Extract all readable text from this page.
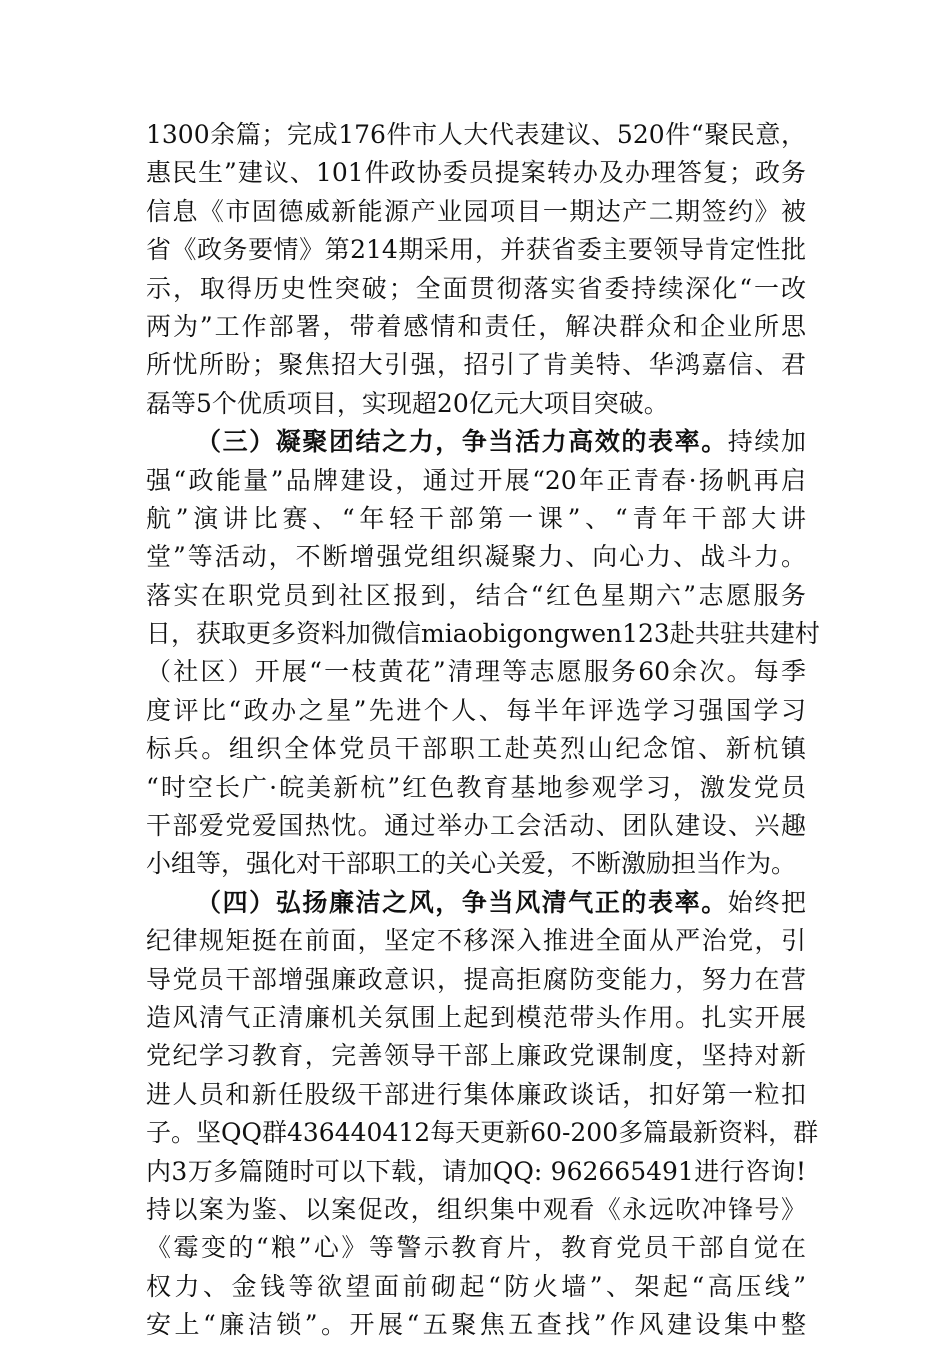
1300余篇；完成176件市人大代表建议、520件“聚民意，
惠民生”建议、101件政协委员提案转办及办理答复；政务
信息《市固德威新能源产业园项目一期达产二期签约》被
省《政务要情》第214期采用，并获省委主要领导肯定性批
示，取得历史性突破；全面贯彻落实省委持续深化“一改
两为”工作部署，带着感情和责任，解决群众和企业所思
所忧所盼；聚焦招大引强，招引了肯美特、华鸿嘉信、君
磊等5个优质项目，实现超20亿元大项目突破。
（三）凝聚团结之力，争当活力高效的表率。持续加
强“政能量”品牌建设，通过开展“20年正青春·扬帆再启
航”演讲比赛、“年轻干部第一课”、“青年干部大讲
堂”等活动，不断增强党组织凝聚力、向心力、战斗力。
落实在职党员到社区报到，结合“红色星期六”志愿服务
日，获取更多资料加微信miaobigongwen123赴共驻共建村
（社区）开展“一枝黄花”清理等志愿服务60余次。每季
度评比“政办之星”先进个人、每半年评选学习强国学习
标兵。组织全体党员干部职工赴英烈山纪念馆、新杭镇
“时空长广·皖美新杭”红色教育基地参观学习，激发党员
干部爱党爱国热忱。通过举办工会活动、团队建设、兴趣
小组等，强化对干部职工的关心关爱，不断激励担当作为。
（四）弘扬廉洁之风，争当风清气正的表率。始终把
纪律规矩挺在前面，坚定不移深入推进全面从严治党，引
导党员干部增强廉政意识，提高拒腐防变能力，努力在营
造风清气正清廉机关氛围上起到模范带头作用。扎实开展
党纪学习教育，完善领导干部上廉政党课制度，坚持对新
进人员和新任股级干部进行集体廉政谈话，扣好第一粒扣
子。坚QQ群436440412每天更新60-200多篇最新资料，群
内3万多篇随时可以下载，请加QQ: 962665491进行咨询!
持以案为鉴、以案促改，组织集中观看《永远吹冲锋号》
《霉变的“粮”心》等警示教育片，教育党员干部自觉在
权力、金钱等欲望面前砌起“防火墙”、架起“高压线”
安上“廉洁锁”。开展“五聚焦五查找”作风建设集中整
